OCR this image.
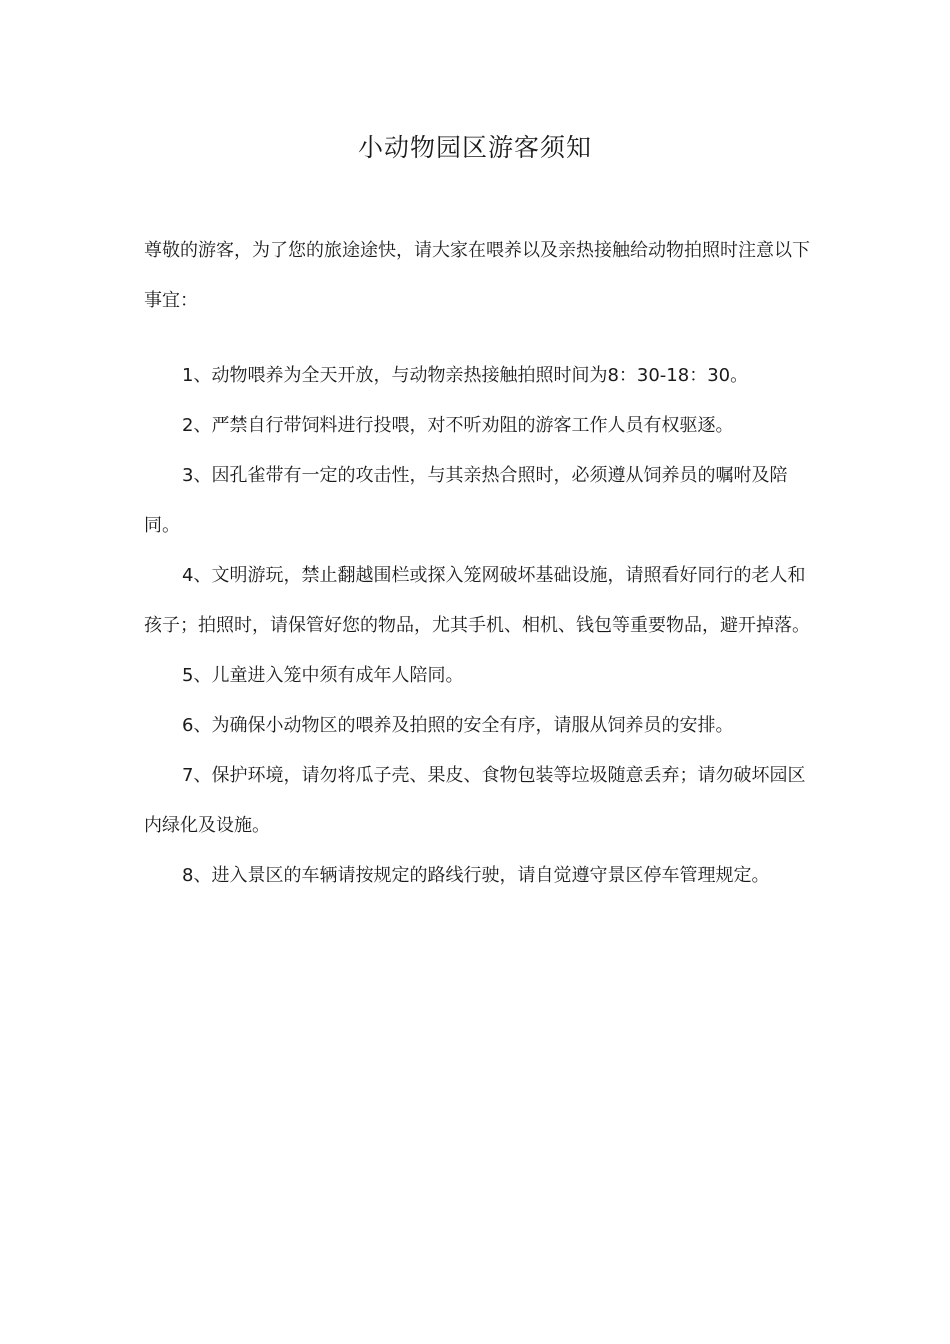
小动物园区游客须知

尊敬的游客，为了您的旅途途快，请大家在喂养以及亲热接触给动物拍照时注意以下事宜：

1、动物喂养为全天开放，与动物亲热接触拍照时间为8：30-18：30。

2、严禁自行带饲料进行投喂，对不听劝阻的游客工作人员有权驱逐。

3、因孔雀带有一定的攻击性，与其亲热合照时，必须遵从饲养员的嘱咐及陪同。

4、文明游玩，禁止翻越围栏或探入笼网破坏基础设施，请照看好同行的老人和孩子；拍照时，请保管好您的物品，尤其手机、相机、钱包等重要物品，避开掉落。

5、儿童进入笼中须有成年人陪同。

6、为确保小动物区的喂养及拍照的安全有序，请服从饲养员的安排。

7、保护环境，请勿将瓜子壳、果皮、食物包装等垃圾随意丢弃；请勿破坏园区内绿化及设施。

8、进入景区的车辆请按规定的路线行驶，请自觉遵守景区停车管理规定。
